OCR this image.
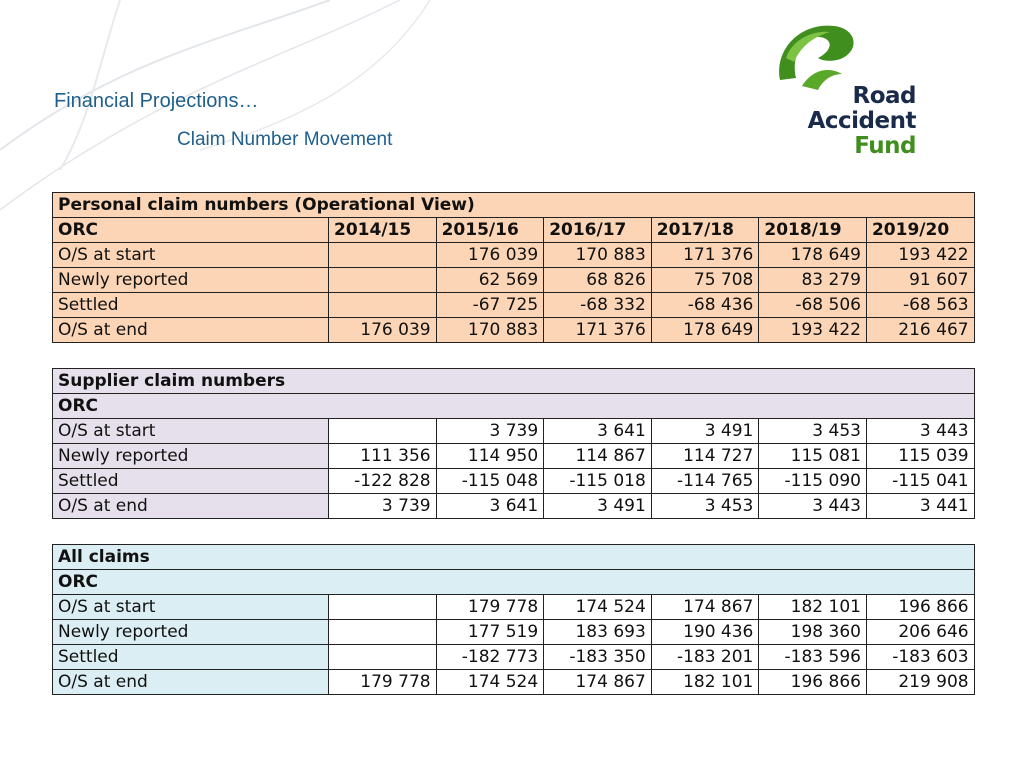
Financial Projections…
Claim Number Movement
Road
Accident
Fund
Personal claim numbers (Operational View)						
ORC	2014/15	2015/16	2016/17	2017/18	2018/19	2019/20
O/S at start		176 039	170 883	171 376	178 649	193 422
Newly reported		62 569	68 826	75 708	83 279	91 607
Settled		-67 725	-68 332	-68 436	-68 506	-68 563
O/S at end	176 039	170 883	171 376	178 649	193 422	216 467
Supplier claim numbers						
ORC						
O/S at start		3 739	3 641	3 491	3 453	3 443
Newly reported	111 356	114 950	114 867	114 727	115 081	115 039
Settled	-122 828	-115 048	-115 018	-114 765	-115 090	-115 041
O/S at end	3 739	3 641	3 491	3 453	3 443	3 441
All claims						
ORC						
O/S at start		179 778	174 524	174 867	182 101	196 866
Newly reported		177 519	183 693	190 436	198 360	206 646
Settled		-182 773	-183 350	-183 201	-183 596	-183 603
O/S at end	179 778	174 524	174 867	182 101	196 866	219 908
